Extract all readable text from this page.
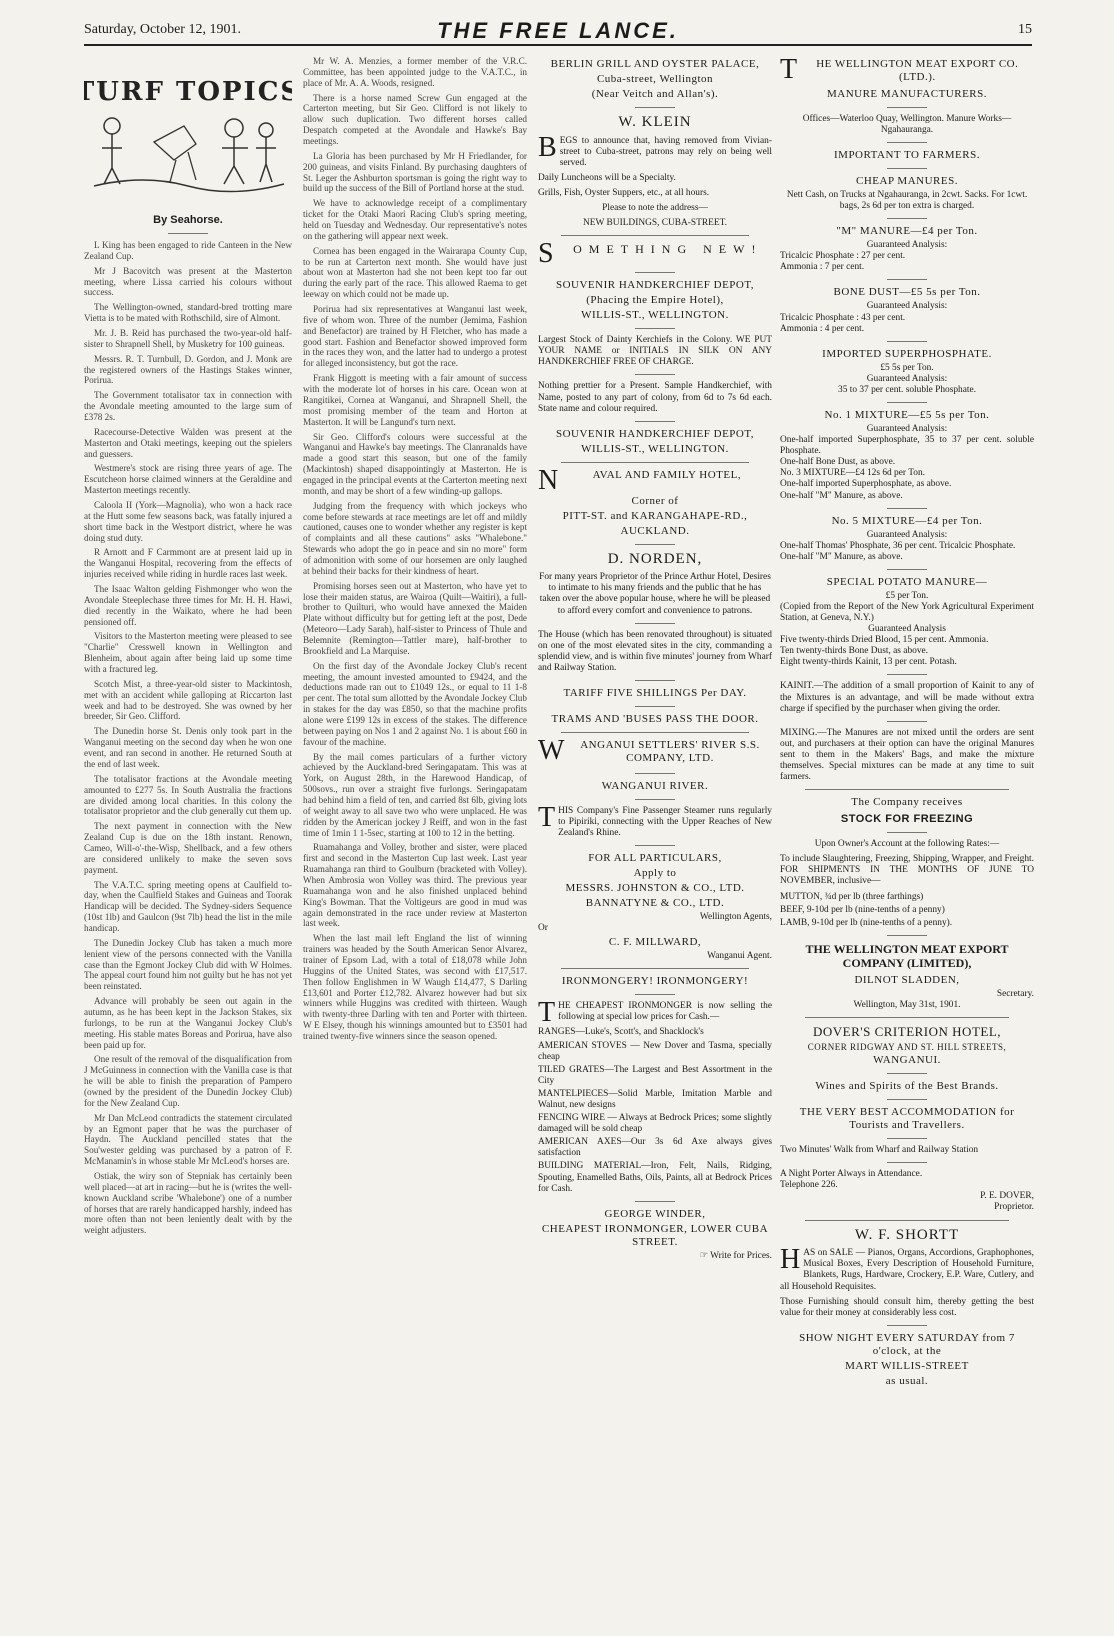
Saturday, October 12, 1901.	THE FREE LANCE.	15
TURF TOPICS
By Seahorse.

L King has been engaged to ride Canteen in the New Zealand Cup.

Mr J Bacovitch was present at the Masterton meeting, where Lissa carried his colours without success.

The Wellington-owned, standard-bred trotting mare Vietta is to be mated with Rothschild, sire of Almont.

Mr. J. B. Reid has purchased the two-year-old half-sister to Shrapnell Shell, by Musketry for 100 guineas.

Messrs. R. T. Turnbull, D. Gordon, and J. Monk are the registered owners of the Hastings Stakes winner, Porirua.

The Government totalisator tax in connection with the Avondale meeting amounted to the large sum of £378 2s.

Racecourse-Detective Walden was present at the Masterton and Otaki meetings, keeping out the spielers and guessers.

Westmere's stock are rising three years of age. The Escutcheon horse claimed winners at the Geraldine and Masterton meetings recently.

Caloola II (York—Magnolia), who won a hack race at the Hutt some few seasons back, was fatally injured a short time back in the Westport district, where he was doing stud duty.

R Arnott and F Carmmont are at present laid up in the Wanganui Hospital, recovering from the effects of injuries received while riding in hurdle races last week.

The Isaac Walton gelding Fishmonger who won the Avondale Steeplechase three times for Mr. H. H. Hawi, died recently in the Waikato, where he had been pensioned off.

Visitors to the Masterton meeting were pleased to see "Charlie" Cresswell known in Wellington and Blenheim, about again after being laid up some time with a fractured leg.

Scotch Mist, a three-year-old sister to Mackintosh, met with an accident while galloping at Riccarton last week and had to be destroyed. She was owned by her breeder, Sir Geo. Clifford.

The Dunedin horse St. Denis only took part in the Wanganui meeting on the second day when he won one event, and ran second in another. He returned South at the end of last week.

The totalisator fractions at the Avondale meeting amounted to £277 5s. In South Australia the fractions are divided among local charities. In this colony the totalisator proprietor and the club generally cut them up.

The next payment in connection with the New Zealand Cup is due on the 18th instant. Renown, Cameo, Will-o'-the-Wisp, Shellback, and a few others are considered unlikely to make the seven sovs payment.

The V.A.T.C. spring meeting opens at Caulfield to-day, when the Caulfield Stakes and Guineas and Toorak Handicap will be decided. The Sydney-siders Sequence (10st 1lb) and Gaulcon (9st 7lb) head the list in the mile handicap.

The Dunedin Jockey Club has taken a much more lenient view of the persons connected with the Vanilla case than the Egmont Jockey Club did with W Holmes. The appeal court found him not guilty but he has not yet been reinstated.

Advance will probably be seen out again in the autumn, as he has been kept in the Jackson Stakes, six furlongs, to be run at the Wanganui Jockey Club's meeting. His stable mates Boreas and Porirua, have also been paid up for.

One result of the removal of the disqualification from J McGuinness in connection with the Vanilla case is that he will be able to finish the preparation of Pampero (owned by the president of the Dunedin Jockey Club) for the New Zealand Cup.

Mr Dan McLeod contradicts the statement circulated by an Egmont paper that he was the purchaser of Haydn. The Auckland pencilled states that the Sou'wester gelding was purchased by a patron of F. McManamin's in whose stable Mr McLeod's horses are.

Ostiak, the wiry son of Stepniak has certainly been well placed—at art in racing—but he is (writes the well-known Auckland scribe 'Whalebone') one of a number of horses that are rarely handicapped harshly, indeed has more often than not been leniently dealt with by the weight adjusters.

Mr W. A. Menzies, a former member of the V.R.C. Committee, has been appointed judge to the V.A.T.C., in place of Mr. A. A. Woods, resigned.

There is a horse named Screw Gun engaged at the Carterton meeting, but Sir Geo. Clifford is not likely to allow such duplication. Two different horses called Despatch competed at the Avondale and Hawke's Bay meetings.

La Gloria has been purchased by Mr H Friedlander, for 200 guineas, and visits Finland. By purchasing daughters of St. Leger the Ashburton sportsman is going the right way to build up the success of the Bill of Portland horse at the stud.

We have to acknowledge receipt of a complimentary ticket for the Otaki Maori Racing Club's spring meeting, held on Tuesday and Wednesday. Our representative's notes on the gathering will appear next week.

Cornea has been engaged in the Wairarapa County Cup, to be run at Carterton next month. She would have just about won at Masterton had she not been kept too far out during the early part of the race. This allowed Raema to get leeway on which could not be made up.

Porirua had six representatives at Wanganui last week, five of whom won. Three of the number (Jemima, Fashion and Benefactor) are trained by H Fletcher, who has made a good start. Fashion and Benefactor showed improved form in the races they won, and the latter had to undergo a protest for alleged inconsistency, but got the race.

Frank Higgott is meeting with a fair amount of success with the moderate lot of horses in his care. Ocean won at Rangitikei, Cornea at Wanganui, and Shrapnell Shell, the most promising member of the team and Horton at Masterton. It will be Langund's turn next.

Sir Geo. Clifford's colours were successful at the Wanganui and Hawke's bay meetings. The Clanranalds have made a good start this season, but one of the family (Mackintosh) shaped disappointingly at Masterton. He is engaged in the principal events at the Carterton meeting next month, and may be short of a few winding-up gallops.

Judging from the frequency with which jockeys who come before stewards at race meetings are let off and mildly cautioned, causes one to wonder whether any register is kept of complaints and all these cautions" asks "Whalebone." Stewards who adopt the go in peace and sin no more" form of admonition with some of our horsemen are only laughed at behind their backs for their kindness of heart.

Promising horses seen out at Masterton, who have yet to lose their maiden status, are Wairoa (Quilt—Waitiri), a full-brother to Quilturi, who would have annexed the Maiden Plate without difficulty but for getting left at the post, Dede (Meteoro—Lady Sarah), half-sister to Princess of Thule and Belemnite (Remington—Tattler mare), half-brother to Brookfield and La Marquise.

On the first day of the Avondale Jockey Club's recent meeting, the amount invested amounted to £9424, and the deductions made ran out to £1049 12s., or equal to 11 1-8 per cent. The total sum allotted by the Avondale Jockey Club in stakes for the day was £850, so that the machine profits alone were £199 12s in excess of the stakes. The difference between paying on Nos 1 and 2 against No. 1 is about £60 in favour of the machine.

By the mail comes particulars of a further victory achieved by the Auckland-bred Seringapatam. This was at York, on August 28th, in the Harewood Handicap, of 500sovs., run over a straight five furlongs. Seringapatam had behind him a field of ten, and carried 8st 6lb, giving lots of weight away to all save two who were unplaced. He was ridden by the American jockey J Reiff, and won in the fast time of 1min 1 1-5sec, starting at 100 to 12 in the betting.

Ruamahanga and Volley, brother and sister, were placed first and second in the Masterton Cup last week. Last year Ruamahanga ran third to Goulburn (bracketed with Volley). When Ambrosia won Volley was third. The previous year Ruamahanga won and he also finished unplaced behind King's Bowman. That the Voltigeurs are good in mud was again demonstrated in the race under review at Masterton last week.

When the last mail left England the list of winning trainers was headed by the South American Senor Alvarez, trainer of Epsom Lad, with a total of £18,078 while John Huggins of the United States, was second with £17,517. Then follow Englishmen in W Waugh £14,477, S Darling £13,601 and Porter £12,782. Alvarez however had but six winners while Huggins was credited with thirteen. Waugh with twenty-three Darling with ten and Porter with thirteen. W E Elsey, though his winnings amounted but to £3501 had trained twenty-five winners since the season opened.

BERLIN GRILL AND OYSTER PALACE,
Cuba-street, Wellington
(Near Veitch and Allan's).
W. KLEIN

BEGS to announce that, having removed from Vivian-street to Cuba-street, patrons may rely on being well served.

Daily Luncheons will be a Specialty.

Grills, Fish, Oyster Suppers, etc., at all hours.

Please to note the address—

NEW BUILDINGS, CUBA-STREET.

S OMETHING NEW!
SOUVENIR HANDKERCHIEF DEPOT,
(Phacing the Empire Hotel),
WILLIS-ST., WELLINGTON.

Largest Stock of Dainty Kerchiefs in the Colony. WE PUT YOUR NAME or INITIALS IN SILK ON ANY HANDKERCHIEF FREE OF CHARGE.

Nothing prettier for a Present. Sample Handkerchief, with Name, posted to any part of colony, from 6d to 7s 6d each. State name and colour required.

SOUVENIR HANDKERCHIEF DEPOT,
WILLIS-ST., WELLINGTON.
N	AVAL AND FAMILY HOTEL,
Corner of
PITT-ST. and KARANGAHAPE-RD.,
AUCKLAND.
D. NORDEN,

For many years Proprietor of the Prince Arthur Hotel, Desires to intimate to his many friends and the public that he has taken over the above popular house, where he will be pleased to afford every comfort and convenience to patrons.

The House (which has been renovated throughout) is situated on one of the most elevated sites in the city, commanding a splendid view, and is within five minutes' journey from Wharf and Railway Station.

TARIFF FIVE SHILLINGS Per DAY.
TRAMS AND 'BUSES PASS THE DOOR.
W ANGANUI SETTLERS' RIVER S.S. COMPANY, LTD.
WANGANUI RIVER.

THIS Company's Fine Passenger Steamer runs regularly to Pipiriki, connecting with the Upper Reaches of New Zealand's Rhine.

FOR ALL PARTICULARS,
Apply to
MESSRS. JOHNSTON & CO., LTD.
BANNATYNE & CO., LTD.
Wellington Agents,
Or
C. F. MILLWARD,
Wanganui Agent.
IRONMONGERY! IRONMONGERY!

THE CHEAPEST IRONMONGER is now selling the following at special low prices for Cash.—

RANGES—Luke's, Scott's, and Shacklock's
AMERICAN STOVES — New Dover and Tasma, specially cheap
TILED GRATES—The Largest and Best Assortment in the City
MANTELPIECES—Solid Marble, Imitation Marble and Walnut, new designs
FENCING WIRE — Always at Bedrock Prices; some slightly damaged will be sold cheap
AMERICAN AXES—Our 3s 6d Axe always gives satisfaction
BUILDING MATERIAL—Iron, Felt, Nails, Ridging, Spouting, Enamelled Baths, Oils, Paints, all at Bedrock Prices for Cash.
GEORGE WINDER,
CHEAPEST IRONMONGER, LOWER CUBA STREET.
☞ Write for Prices.
T HE WELLINGTON MEAT EXPORT CO. (LTD.).
MANURE MANUFACTURERS.

Offices—Waterloo Quay, Wellington. Manure Works—Ngahauranga.

IMPORTANT TO FARMERS.
CHEAP MANURES.

Nett Cash, on Trucks at Ngahauranga, in 2cwt. Sacks. For 1cwt. bags, 2s 6d per ton extra is charged.

"M" MANURE—£4 per Ton.
Guaranteed Analysis:
Tricalcic Phosphate : 27 per cent.
Ammonia : 7 per cent.
BONE DUST—£5 5s per Ton.
Guaranteed Analysis:
Tricalcic Phosphate : 43 per cent.
Ammonia : 4 per cent.
IMPORTED SUPERPHOSPHATE.
£5 5s per Ton.
Guaranteed Analysis:
35 to 37 per cent. soluble Phosphate.
No. 1 MIXTURE—£5 5s per Ton.
Guaranteed Analysis:
One-half imported Superphosphate, 35 to 37 per cent. soluble Phosphate.
One-half Bone Dust, as above.
No. 3 MIXTURE—£4 12s 6d per Ton.
One-half imported Superphosphate, as above.
One-half "M" Manure, as above.
No. 5 MIXTURE—£4 per Ton.
Guaranteed Analysis:
One-half Thomas' Phosphate, 36 per cent. Tricalcic Phosphate.
One-half "M" Manure, as above.
SPECIAL POTATO MANURE—
£5 per Ton.
(Copied from the Report of the New York Agricultural Experiment Station, at Geneva, N.Y.)
Guaranteed Analysis
Five twenty-thirds Dried Blood, 15 per cent. Ammonia.
Ten twenty-thirds Bone Dust, as above.
Eight twenty-thirds Kainit, 13 per cent. Potash.

KAINIT.—The addition of a small proportion of Kainit to any of the Mixtures is an advantage, and will be made without extra charge if specified by the purchaser when giving the order.

MIXING.—The Manures are not mixed until the orders are sent out, and purchasers at their option can have the original Manures sent to them in the Makers' Bags, and make the mixture themselves. Special mixtures can be made at any time to suit farmers.

The Company receives
STOCK FOR FREEZING

Upon Owner's Account at the following Rates:—

To include Slaughtering, Freezing, Shipping, Wrapper, and Freight. FOR SHIPMENTS IN THE MONTHS OF JUNE TO NOVEMBER, inclusive—

MUTTON, ¾d per lb (three farthings)
BEEF, 9-10d per lb (nine-tenths of a penny)
LAMB, 9-10d per lb (nine-tenths of a penny).
THE WELLINGTON MEAT EXPORT COMPANY (LIMITED),
DILNOT SLADDEN,
Secretary.
Wellington, May 31st, 1901.
DOVER'S CRITERION HOTEL,
CORNER RIDGWAY AND ST. HILL STREETS,
WANGANUI.
Wines and Spirits of the Best Brands.
THE VERY BEST ACCOMMODATION for Tourists and Travellers.

Two Minutes' Walk from Wharf and Railway Station

A Night Porter Always in Attendance.
Telephone 226.
P. E. DOVER,
Proprietor.
W. F. SHORTT

HAS on SALE — Pianos, Organs, Accordions, Graphophones, Musical Boxes, Every Description of Household Furniture, Blankets, Rugs, Hardware, Crockery, E.P. Ware, Cutlery, and all Household Requisites.

Those Furnishing should consult him, thereby getting the best value for their money at considerably less cost.

SHOW NIGHT EVERY SATURDAY from 7 o'clock, at the
MART WILLIS-STREET
as usual.
